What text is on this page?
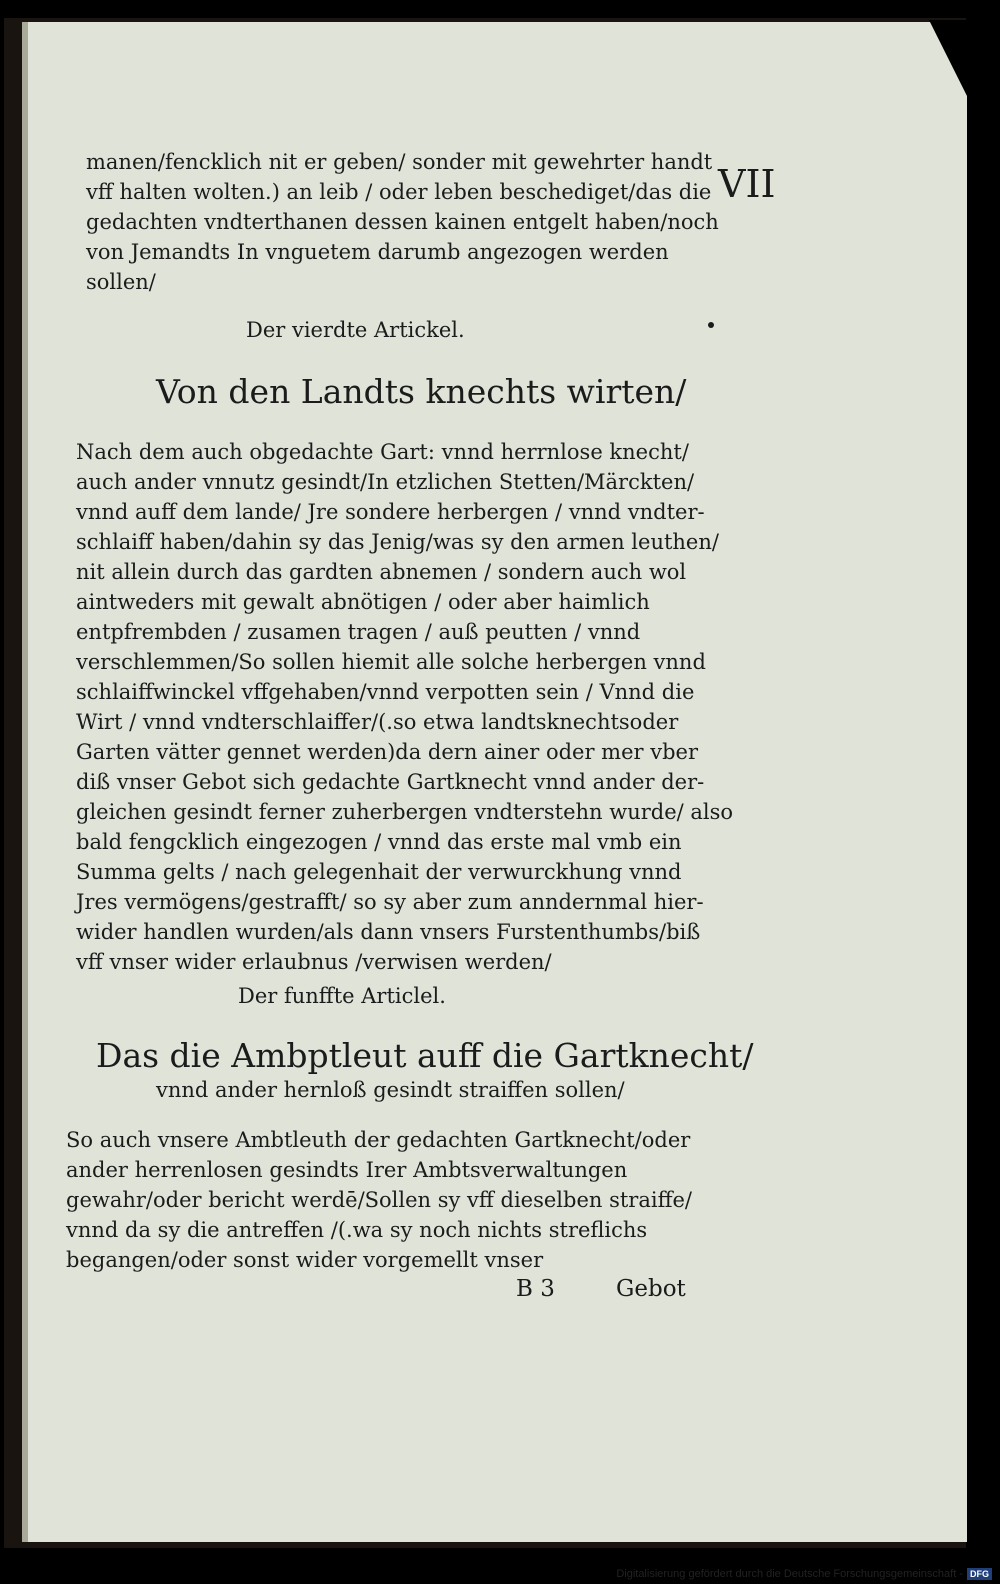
VII
manen/fencklich nit er geben/ sonder mit gewehrter handt
vff halten wolten.) an leib / oder leben beschediget/das die
gedachten vndterthanen dessen kainen entgelt haben/noch
von Jemandts In vnguetem darumb angezogen werden
sollen/
Der vierdte Artickel.
Von den Landts knechts wirten/
Nach dem auch obgedachte Gart: vnnd herrnlose knecht/
auch ander vnnutz gesindt/In etzlichen Stetten/Märckten/
vnnd auff dem lande/ Jre sondere herbergen / vnnd vndter-
schlaiff haben/dahin sy das Jenig/was sy den armen leuthen/
nit allein durch das gardten abnemen / sondern auch wol
aintweders mit gewalt abnötigen / oder aber haimlich
entpfrembden / zusamen tragen / auß peutten / vnnd
verschlemmen/So sollen hiemit alle solche herbergen vnnd
schlaiffwinckel vffgehaben/vnnd verpotten sein / Vnnd die
Wirt / vnnd vndterschlaiffer/(.so etwa landtsknechtsoder
Garten vätter gennet werden)da dern ainer oder mer vber
diß vnser Gebot sich gedachte Gartknecht vnnd ander der-
gleichen gesindt ferner zuherbergen vndterstehn wurde/ also
bald fengcklich eingezogen / vnnd das erste mal vmb ein
Summa gelts / nach gelegenhait der verwurckhung vnnd
Jres vermögens/gestrafft/ so sy aber zum anndernmal hier-
wider handlen wurden/als dann vnsers Furstenthumbs/biß
vff vnser wider erlaubnus /verwisen werden/
Der funffte Articlel.
Das die Ambptleut auff die Gartknecht/
vnnd ander hernloß gesindt straiffen sollen/
So auch vnsere Ambtleuth der gedachten Gartknecht/oder
ander herrenlosen gesindts Irer Ambtsverwaltungen
gewahr/oder bericht werdē/Sollen sy vff dieselben straiffe/
vnnd da sy die antreffen /(.wa sy noch nichts streflichs
begangen/oder sonst wider vorgemellt vnser
B 3	Gebot
Digitalisierung gefördert durch die Deutsche Forschungsgemeinschaft - DFG
